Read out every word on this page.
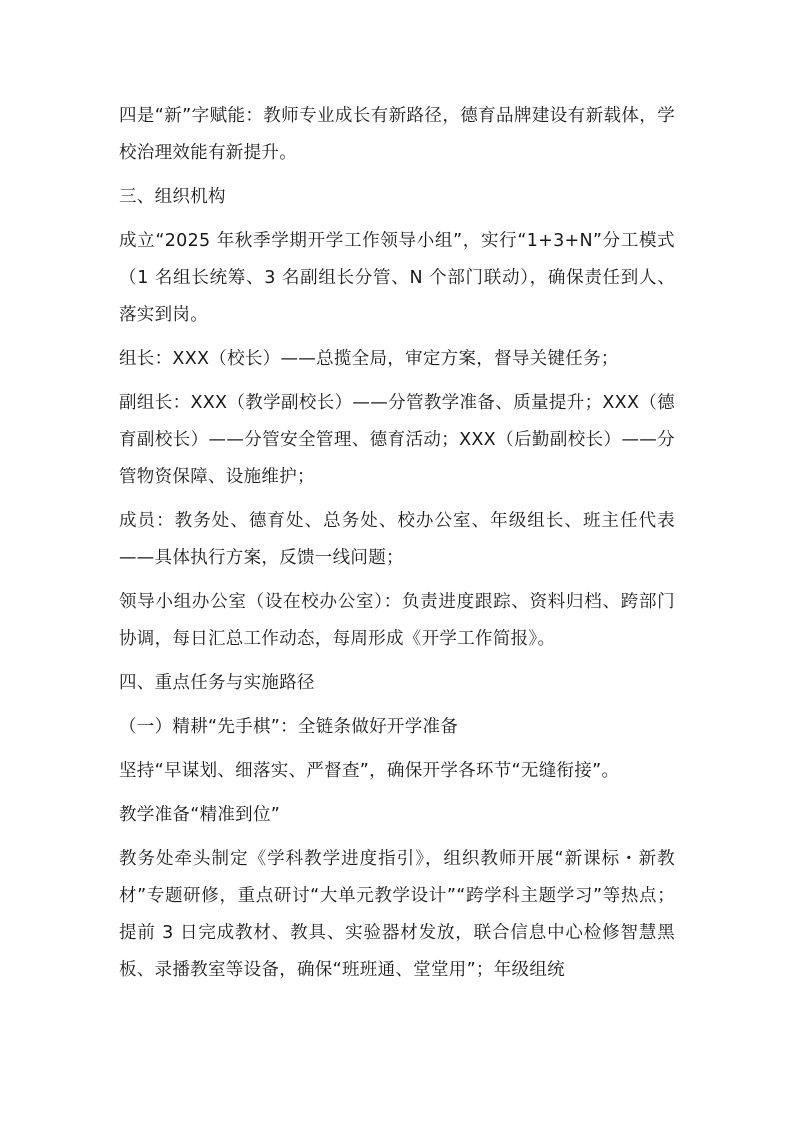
四是“新”字赋能：教师专业成长有新路径，德育品牌建设有新载体，学校治理效能有新提升。

三、组织机构

成立“2025 年秋季学期开学工作领导小组”，实行“1+3+N”分工模式（1 名组长统筹、3 名副组长分管、N 个部门联动），确保责任到人、落实到岗。

组长：XXX（校长）——总揽全局，审定方案，督导关键任务；

副组长：XXX（教学副校长）——分管教学准备、质量提升；XXX（德育副校长）——分管安全管理、德育活动；XXX（后勤副校长）——分管物资保障、设施维护；

成员：教务处、德育处、总务处、校办公室、年级组长、班主任代表——具体执行方案，反馈一线问题；

领导小组办公室（设在校办公室）：负责进度跟踪、资料归档、跨部门协调，每日汇总工作动态，每周形成《开学工作简报》。

四、重点任务与实施路径

（一）精耕“先手棋”：全链条做好开学准备

坚持“早谋划、细落实、严督查”，确保开学各环节“无缝衔接”。

教学准备“精准到位”

教务处牵头制定《学科教学进度指引》，组织教师开展“新课标・新教材”专题研修，重点研讨“大单元教学设计”“跨学科主题学习”等热点；提前 3 日完成教材、教具、实验器材发放，联合信息中心检修智慧黑板、录播教室等设备，确保“班班通、堂堂用”；年级组统
